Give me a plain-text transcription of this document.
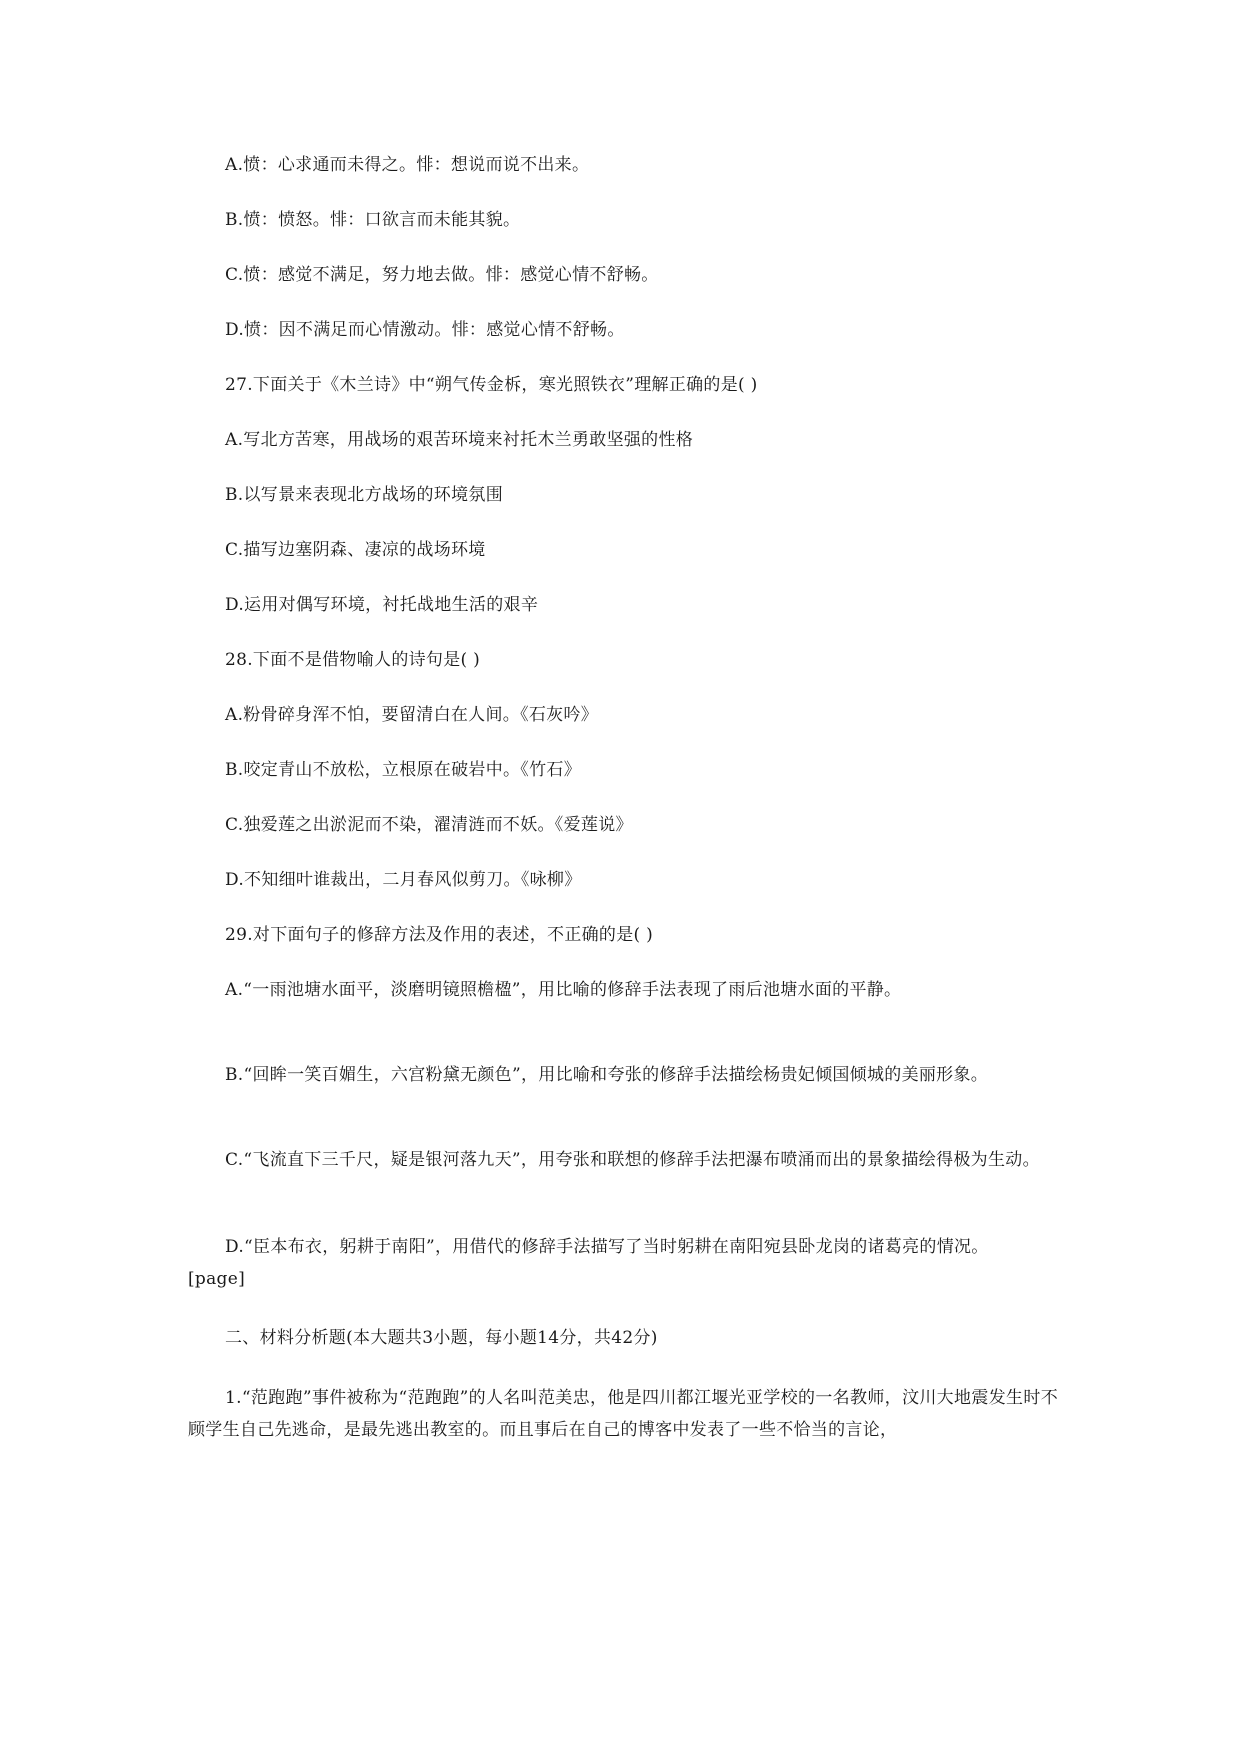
A.愤：心求通而未得之。悱：想说而说不出来。
B.愤：愤怒。悱：口欲言而未能其貌。
C.愤：感觉不满足，努力地去做。悱：感觉心情不舒畅。
D.愤：因不满足而心情激动。悱：感觉心情不舒畅。
27.下面关于《木兰诗》中“朔气传金柝，寒光照铁衣”理解正确的是( )
A.写北方苦寒，用战场的艰苦环境来衬托木兰勇敢坚强的性格
B.以写景来表现北方战场的环境氛围
C.描写边塞阴森、凄凉的战场环境
D.运用对偶写环境，衬托战地生活的艰辛
28.下面不是借物喻人的诗句是( )
A.粉骨碎身浑不怕，要留清白在人间。《石灰吟》
B.咬定青山不放松，立根原在破岩中。《竹石》
C.独爱莲之出淤泥而不染，濯清涟而不妖。《爱莲说》
D.不知细叶谁裁出，二月春风似剪刀。《咏柳》
29.对下面句子的修辞方法及作用的表述，不正确的是( )
A.“一雨池塘水面平，淡磨明镜照檐楹”，用比喻的修辞手法表现了雨后池塘水面的平静。
B.“回眸一笑百媚生，六宫粉黛无颜色”，用比喻和夸张的修辞手法描绘杨贵妃倾国倾城的美丽形象。
C.“飞流直下三千尺，疑是银河落九天”，用夸张和联想的修辞手法把瀑布喷涌而出的景象描绘得极为生动。
D.“臣本布衣，躬耕于南阳”，用借代的修辞手法描写了当时躬耕在南阳宛县卧龙岗的诸葛亮的情况。
[page]
二、材料分析题(本大题共3小题，每小题14分，共42分)
1.“范跑跑”事件被称为“范跑跑”的人名叫范美忠，他是四川都江堰光亚学校的一名教师，汶川大地震发生时不顾学生自己先逃命，是最先逃出教室的。而且事后在自己的博客中发表了一些不恰当的言论，
